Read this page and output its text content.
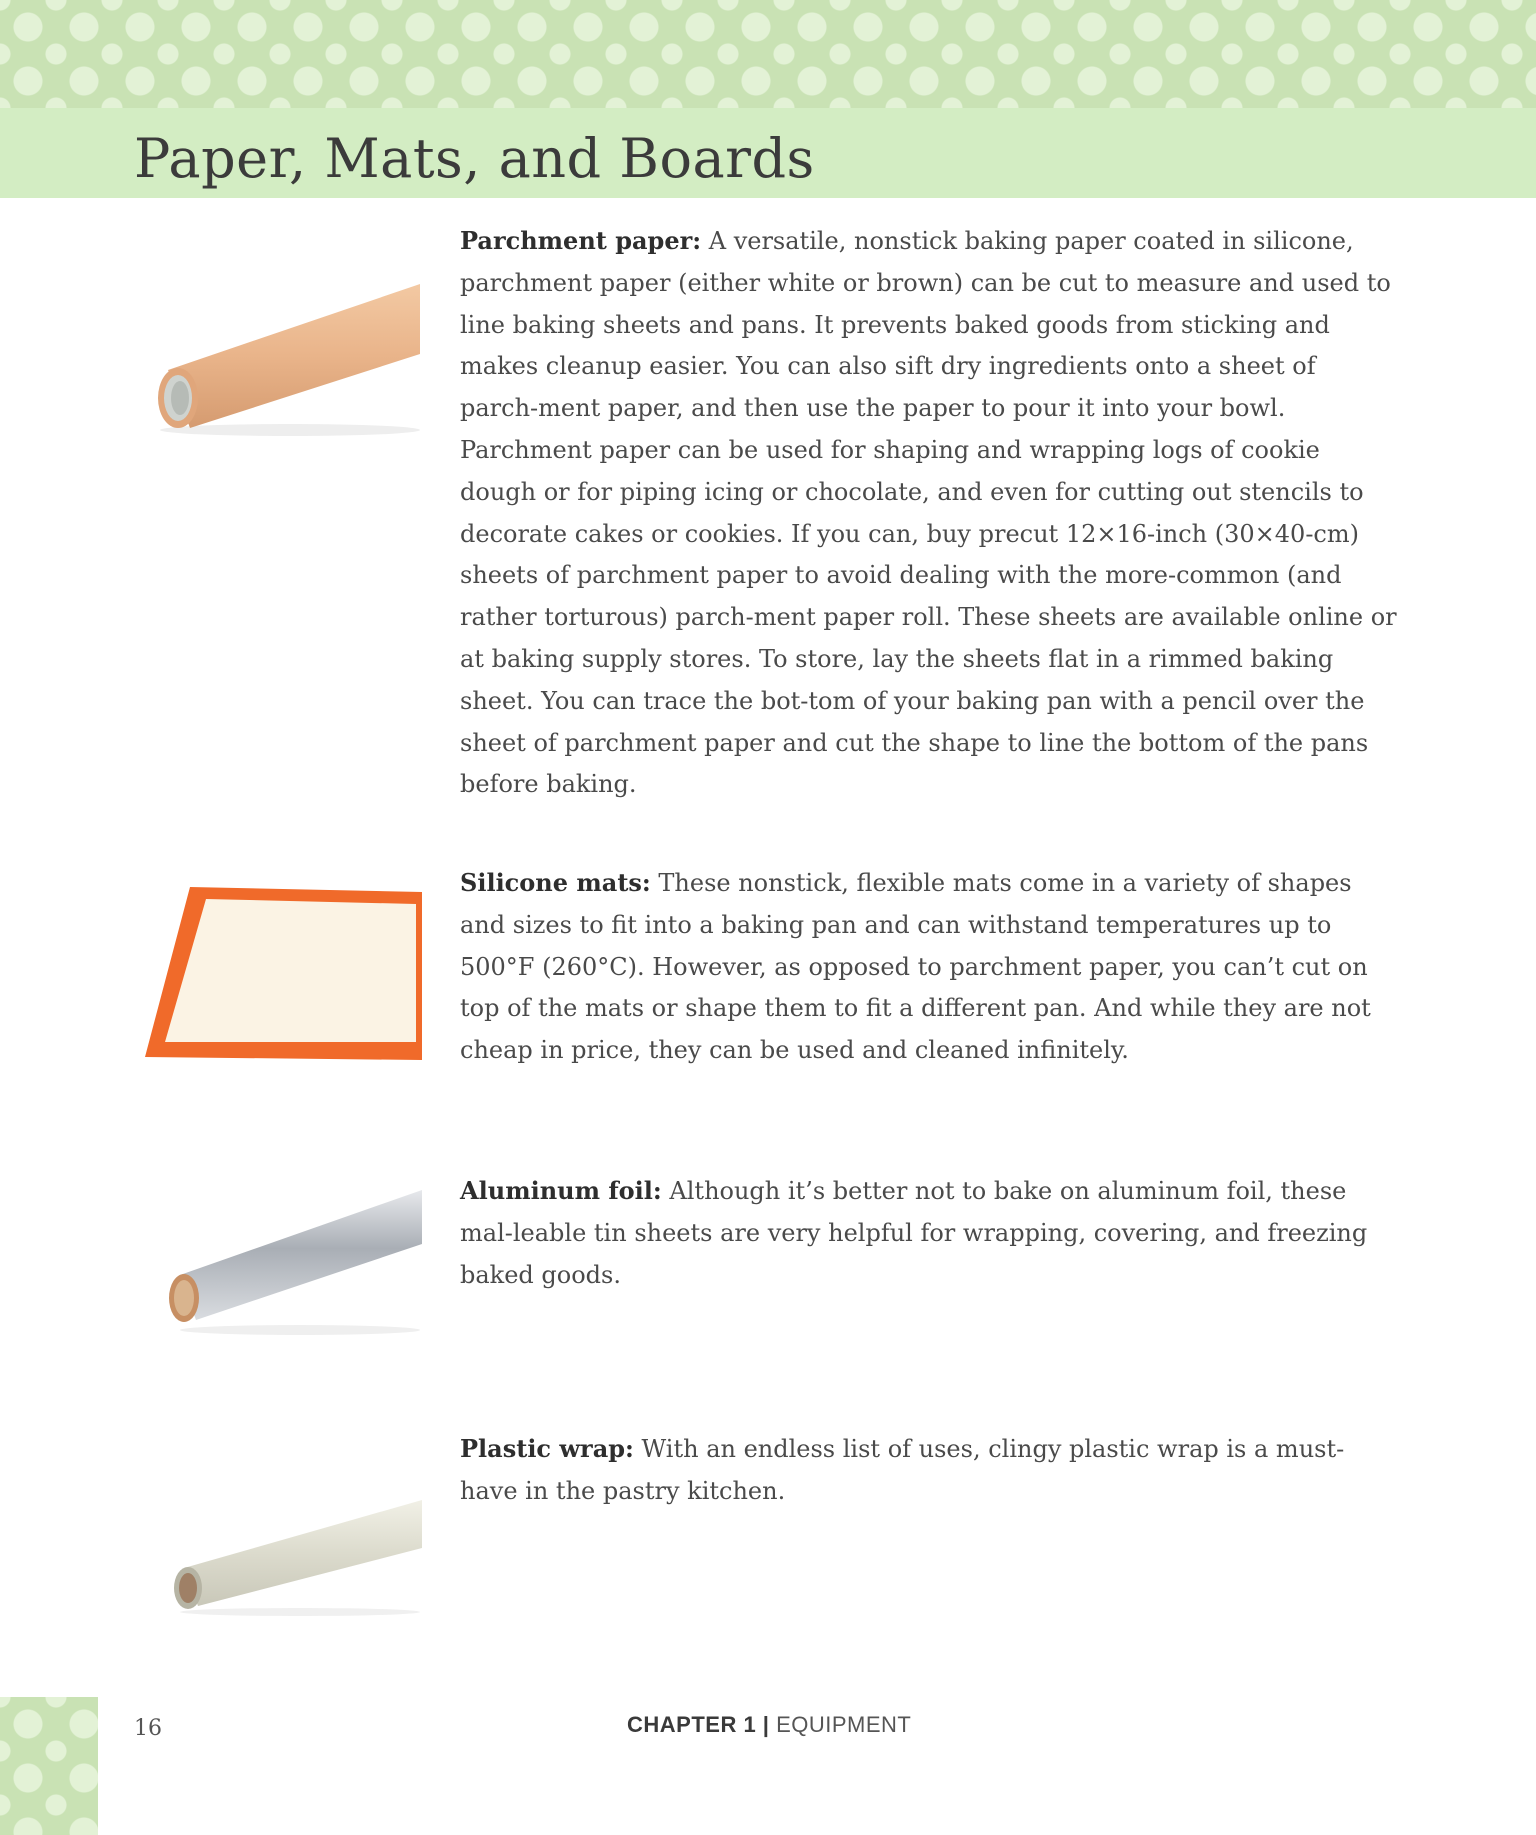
Paper, Mats, and Boards

Parchment paper: A versatile, nonstick baking paper coated in silicone, parchment paper (either white or brown) can be cut to measure and used to line baking sheets and pans. It prevents baked goods from sticking and makes cleanup easier. You can also sift dry ingredients onto a sheet of parch-ment paper, and then use the paper to pour it into your bowl. Parchment paper can be used for shaping and wrapping logs of cookie dough or for piping icing or chocolate, and even for cutting out stencils to decorate cakes or cookies. If you can, buy precut 12×16-inch (30×40-cm) sheets of parchment paper to avoid dealing with the more-common (and rather torturous) parch-ment paper roll. These sheets are available online or at baking supply stores. To store, lay the sheets flat in a rimmed baking sheet. You can trace the bot-tom of your baking pan with a pencil over the sheet of parchment paper and cut the shape to line the bottom of the pans before baking.

Silicone mats: These nonstick, flexible mats come in a variety of shapes and sizes to fit into a baking pan and can withstand temperatures up to 500°F (260°C). However, as opposed to parchment paper, you can’t cut on top of the mats or shape them to fit a different pan. And while they are not cheap in price, they can be used and cleaned infinitely.

Aluminum foil: Although it’s better not to bake on aluminum foil, these mal-leable tin sheets are very helpful for wrapping, covering, and freezing baked goods.

Plastic wrap: With an endless list of uses, clingy plastic wrap is a must-have in the pastry kitchen.

16	CHAPTER 1 | EQUIPMENT
